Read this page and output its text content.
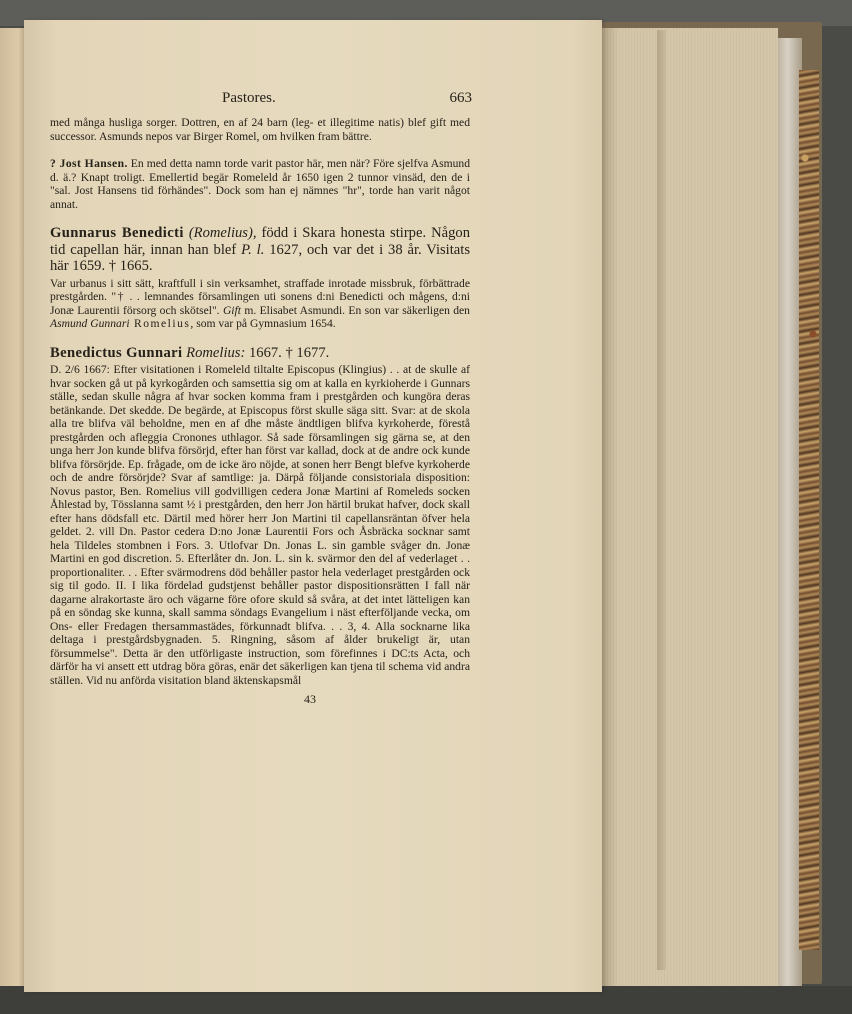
Pastores.	663

med många husliga sorger. Dottren, en af 24 barn (leg- et illegitime natis) blef gift med successor. Asmunds nepos var Birger Romel, om hvilken fram bättre.

? Jost Hansen. En med detta namn torde varit pastor här, men när? Före sjelfva Asmund d. ä.? Knapt troligt. Emellertid begär Romeleld år 1650 igen 2 tunnor vinsäd, den de i "sal. Jost Hansens tid förhändes". Dock som han ej nämnes "hr", torde han varit något annat.

Gunnarus Benedicti (Romelius), född i Skara honesta stirpe. Någon tid capellan här, innan han blef P. l. 1627, och var det i 38 år. Visitats här 1659. † 1665.

Var urbanus i sitt sätt, kraftfull i sin verksamhet, straffade inrotade missbruk, förbättrade prestgården. "† . . lemnandes församlingen uti sonens d:ni Benedicti och mågens, d:ni Jonæ Laurentii försorg och skötsel". Gift m. Elisabet Asmundi. En son var säkerligen den Asmund Gunnari Romelius, som var på Gymnasium 1654.

Benedictus Gunnari Romelius: 1667. † 1677.

D. 2/6 1667: Efter visitationen i Romeleld tiltalte Episcopus (Klingius) . . at de skulle af hvar socken gå ut på kyrkogården och samsettia sig om at kalla en kyrkioherde i Gunnars ställe, sedan skulle några af hvar socken komma fram i prestgården och kungöra deras betänkande. Det skedde. De begärde, at Episcopus först skulle säga sitt. Svar: at de skola alla tre blifva väl beholdne, men en af dhe måste ändtligen blifva kyrkoherde, förestå prestgården och afleggia Cronones uthlagor. Så sade församlingen sig gärna se, at den unga herr Jon kunde blifva försörjd, efter han först var kallad, dock at de andre ock kunde blifva försörjde. Ep. frågade, om de icke äro nöjde, at sonen herr Bengt blefve kyrkoherde och de andre försörjde? Svar af samtlige: ja. Därpå följande consistoriala disposition: Novus pastor, Ben. Romelius vill godvilligen cedera Jonæ Martini af Romeleds socken Åhlestad by, Tösslanna samt ½ i prestgården, den herr Jon härtil brukat hafver, dock skall efter hans dödsfall etc. Därtil med hörer herr Jon Martini til capellansräntan öfver hela geldet. 2. vill Dn. Pastor cedera D:no Jonæ Laurentii Fors och Åsbräcka socknar samt hela Tildeles stombnen i Fors. 3. Utlofvar Dn. Jonas L. sin gamble svåger dn. Jonæ Martini en god discretion. 5. Efterlåter dn. Jon. L. sin k. svärmor den del af vederlaget . . proportionaliter. . . Efter svärmodrens död behåller pastor hela vederlaget prestgården ock sig til godo. II. I lika fördelad gudstjenst behåller pastor dispositionsrätten I fall när dagarne alrakortaste äro och vägarne före ofore skuld så svåra, at det intet lätteligen kan på en söndag ske kunna, skall samma söndags Evangelium i näst efterföljande vecka, om Ons- eller Fredagen thersammastädes, förkunnadt blifva. . . 3, 4. Alla socknarne lika deltaga i prestgårdsbygnaden. 5. Ringning, såsom af ålder brukeligt är, utan försummelse". Detta är den utförligaste instruction, som förefinnes i DC:ts Acta, och därför ha vi ansett ett utdrag böra göras, enär det säkerligen kan tjena til schema vid andra ställen. Vid nu anförda visitation bland äktenskapsmål

43
